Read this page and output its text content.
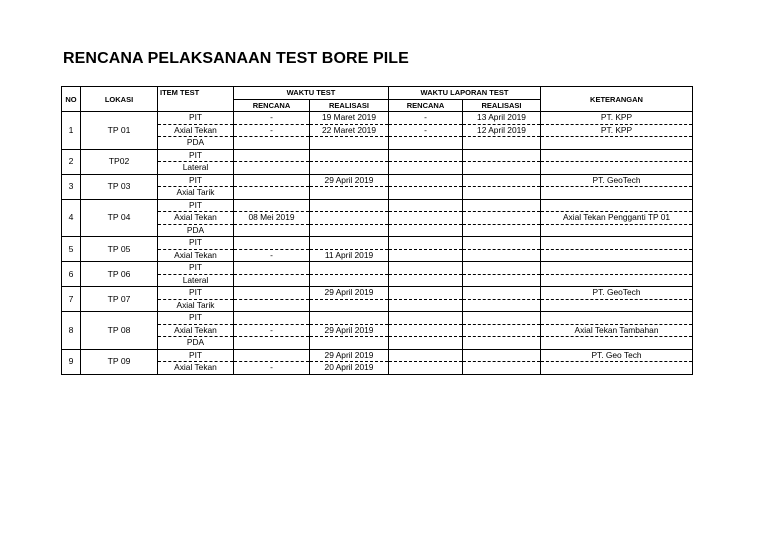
RENCANA PELAKSANAAN TEST BORE PILE
NO	LOKASI	ITEM TEST	WAKTU TEST		WAKTU LAPORAN TEST		KETERANGAN
			RENCANA	REALISASI	RENCANA	REALISASI	
1	TP 01	PIT	-	19 Maret 2019	-	13 April 2019	PT. KPP
		Axial Tekan	-	22 Maret 2019	-	12 April 2019	PT. KPP
		PDA					
2	TP02	PIT					
		Lateral					
3	TP 03	PIT		29 April 2019			PT. GeoTech
		Axial Tarik					
4	TP 04	PIT					
		Axial Tekan	08 Mei 2019				Axial Tekan Pengganti TP 01
		PDA					
5	TP 05	PIT					
		Axial Tekan	-	11 April 2019			
6	TP 06	PIT					
		Lateral					
7	TP 07	PIT		29 April 2019			PT. GeoTech
		Axial Tarik					
8	TP 08	PIT					
		Axial Tekan	-	29 April 2019			Axial Tekan Tambahan
		PDA					
9	TP 09	PIT		29 April 2019			PT. Geo Tech
		Axial Tekan	-	20 April 2019			
